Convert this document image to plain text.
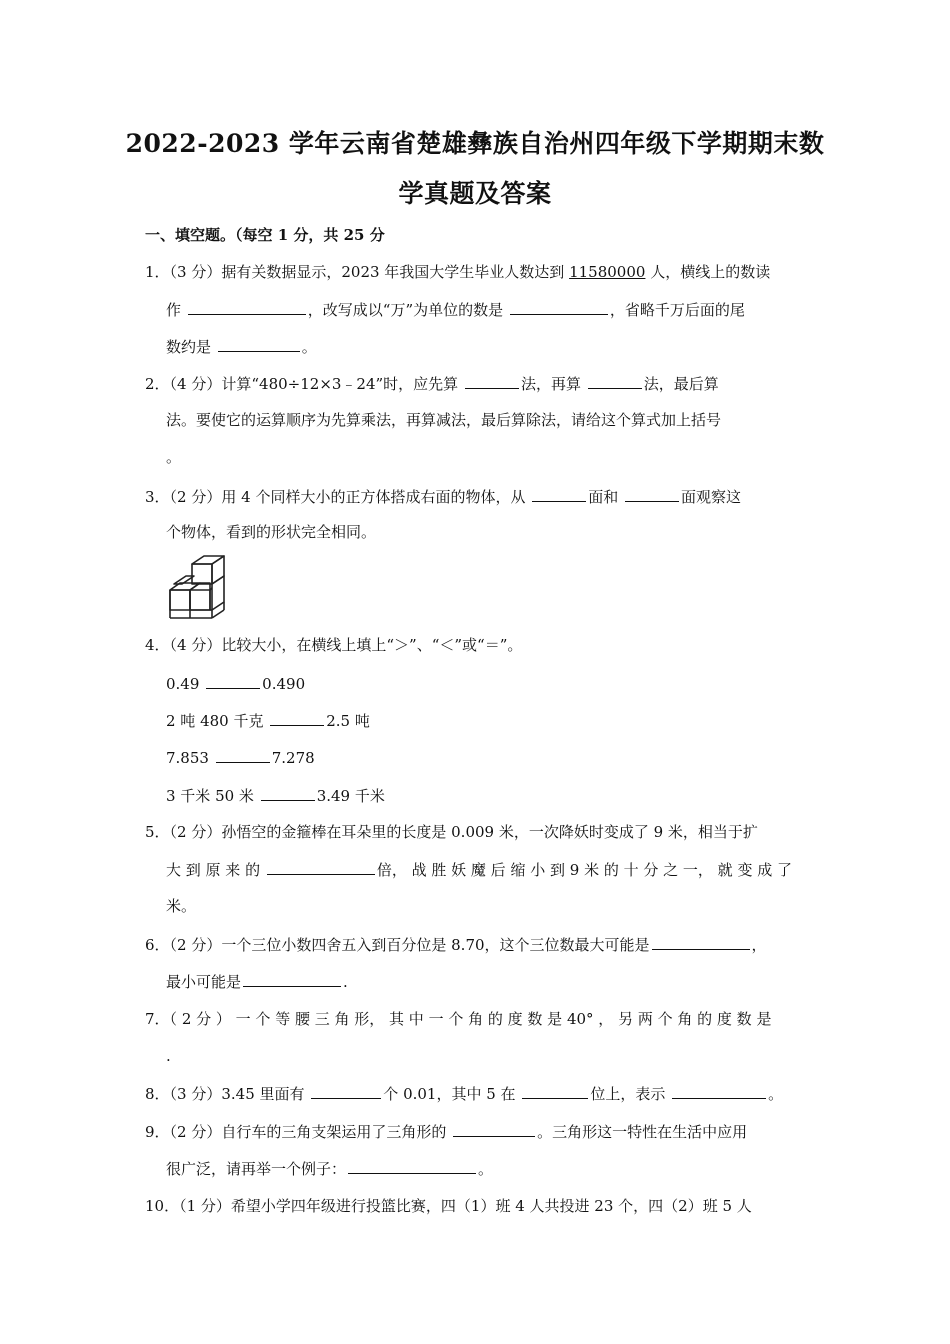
2022-2023 学年云南省楚雄彝族自治州四年级下学期期末数
学真题及答案
一、填空题。（每空 1 分，共 25 分
1．（3 分）据有关数据显示，2023 年我国大学生毕业人数达到 11580000 人，横线上的数读
作	，改写成以“万”为单位的数是	，省略千万后面的尾
数约是	。
2．（4 分）计算“480÷12×3﹣24”时，应先算	法，再算	法，最后算
法。要使它的运算顺序为先算乘法，再算减法，最后算除法，请给这个算式加上括号
。
3．（2 分）用 4 个同样大小的正方体搭成右面的物体，从	面和	面观察这
个物体，看到的形状完全相同。
4．（4 分）比较大小，在横线上填上“＞”、“＜”或“＝”。
0.49	0.490
2 吨 480 千克	2.5 吨
7.853	7.278
3 千米 50 米	3.49 千米
5．（2 分）孙悟空的金箍棒在耳朵里的长度是 0.009 米，一次降妖时变成了 9 米，相当于扩
大 到 原 来 的	倍， 战 胜 妖 魔 后 缩 小 到 9 米 的 十 分 之 一， 就 变 成 了
米。
6．（2 分）一个三位小数四舍五入到百分位是 8.70，这个三位数最大可能是	，
最小可能是	.
7．（ 2 分 ） 一 个 等 腰 三 角 形， 其 中 一 个 角 的 度 数 是 40° ， 另 两 个 角 的 度 数 是
.
8．（3 分）3.45 里面有	个 0.01，其中 5 在	位上，表示	。
9．（2 分）自行车的三角支架运用了三角形的	。三角形这一特性在生活中应用
很广泛，请再举一个例子：	。
10．（1 分）希望小学四年级进行投篮比赛，四（1）班 4 人共投进 23 个，四（2）班 5 人
